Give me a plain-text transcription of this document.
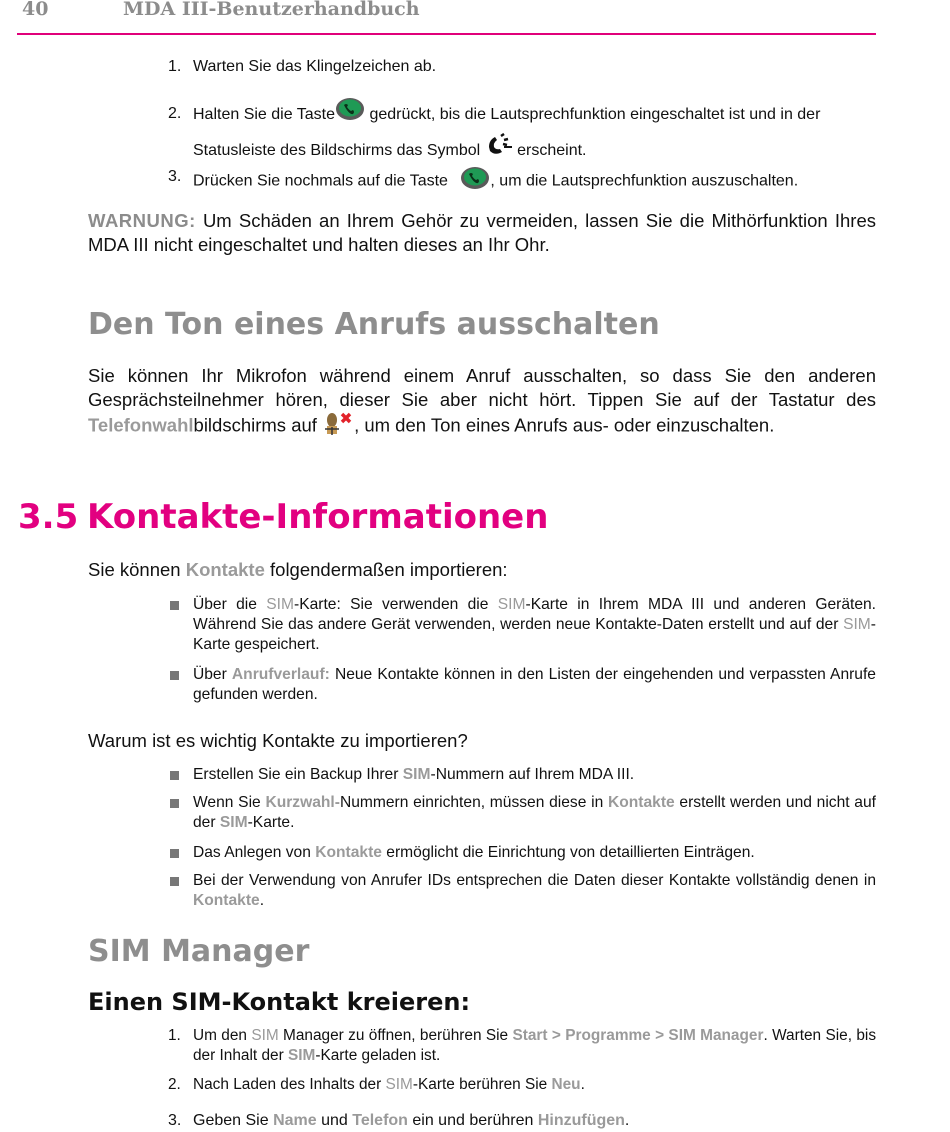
40	MDA III-Benutzerhandbuch
1. Warten Sie das Klingelzeichen ab.
2. Halten Sie die Taste gedrückt, bis die Lautsprechfunktion eingeschaltet ist und in der
Statusleiste des Bildschirms das Symbol  erscheint.
3. Drücken Sie nochmals auf die Taste	, um die Lautsprechfunktion auszuschalten.
WARNUNG: Um Schäden an Ihrem Gehör zu vermeiden, lassen Sie die Mithörfunktion Ihres MDA III nicht eingeschaltet und halten dieses an Ihr Ohr.
Den Ton eines Anrufs ausschalten
Sie können Ihr Mikrofon während einem Anruf ausschalten, so dass Sie den anderen Gesprächsteilnehmer hören, dieser Sie aber nicht hört. Tippen Sie auf der Tastatur des Telefonwahlbildschirms auf , um den Ton eines Anrufs aus- oder einzuschalten.
3.5 Kontakte-Informationen
Sie können Kontakte folgendermaßen importieren:
Über die SIM-Karte: Sie verwenden die SIM-Karte in Ihrem MDA III und anderen Geräten. Während Sie das andere Gerät verwenden, werden neue Kontakte-Daten erstellt und auf der SIM-Karte gespeichert.
Über Anrufverlauf: Neue Kontakte können in den Listen der eingehenden und verpassten Anrufe gefunden werden.
Warum ist es wichtig Kontakte zu importieren?
Erstellen Sie ein Backup Ihrer SIM-Nummern auf Ihrem MDA III.
Wenn Sie Kurzwahl-Nummern einrichten, müssen diese in Kontakte erstellt werden und nicht auf der SIM-Karte.
Das Anlegen von Kontakte ermöglicht die Einrichtung von detaillierten Einträgen.
Bei der Verwendung von Anrufer IDs entsprechen die Daten dieser Kontakte vollständig denen in Kontakte.
SIM Manager
Einen SIM-Kontakt kreieren:
1. Um den SIM Manager zu öffnen, berühren Sie Start > Programme > SIM Manager. Warten Sie, bis der Inhalt der SIM-Karte geladen ist.
2. Nach Laden des Inhalts der SIM-Karte berühren Sie Neu.
3. Geben Sie Name und Telefon ein und berühren Hinzufügen.
